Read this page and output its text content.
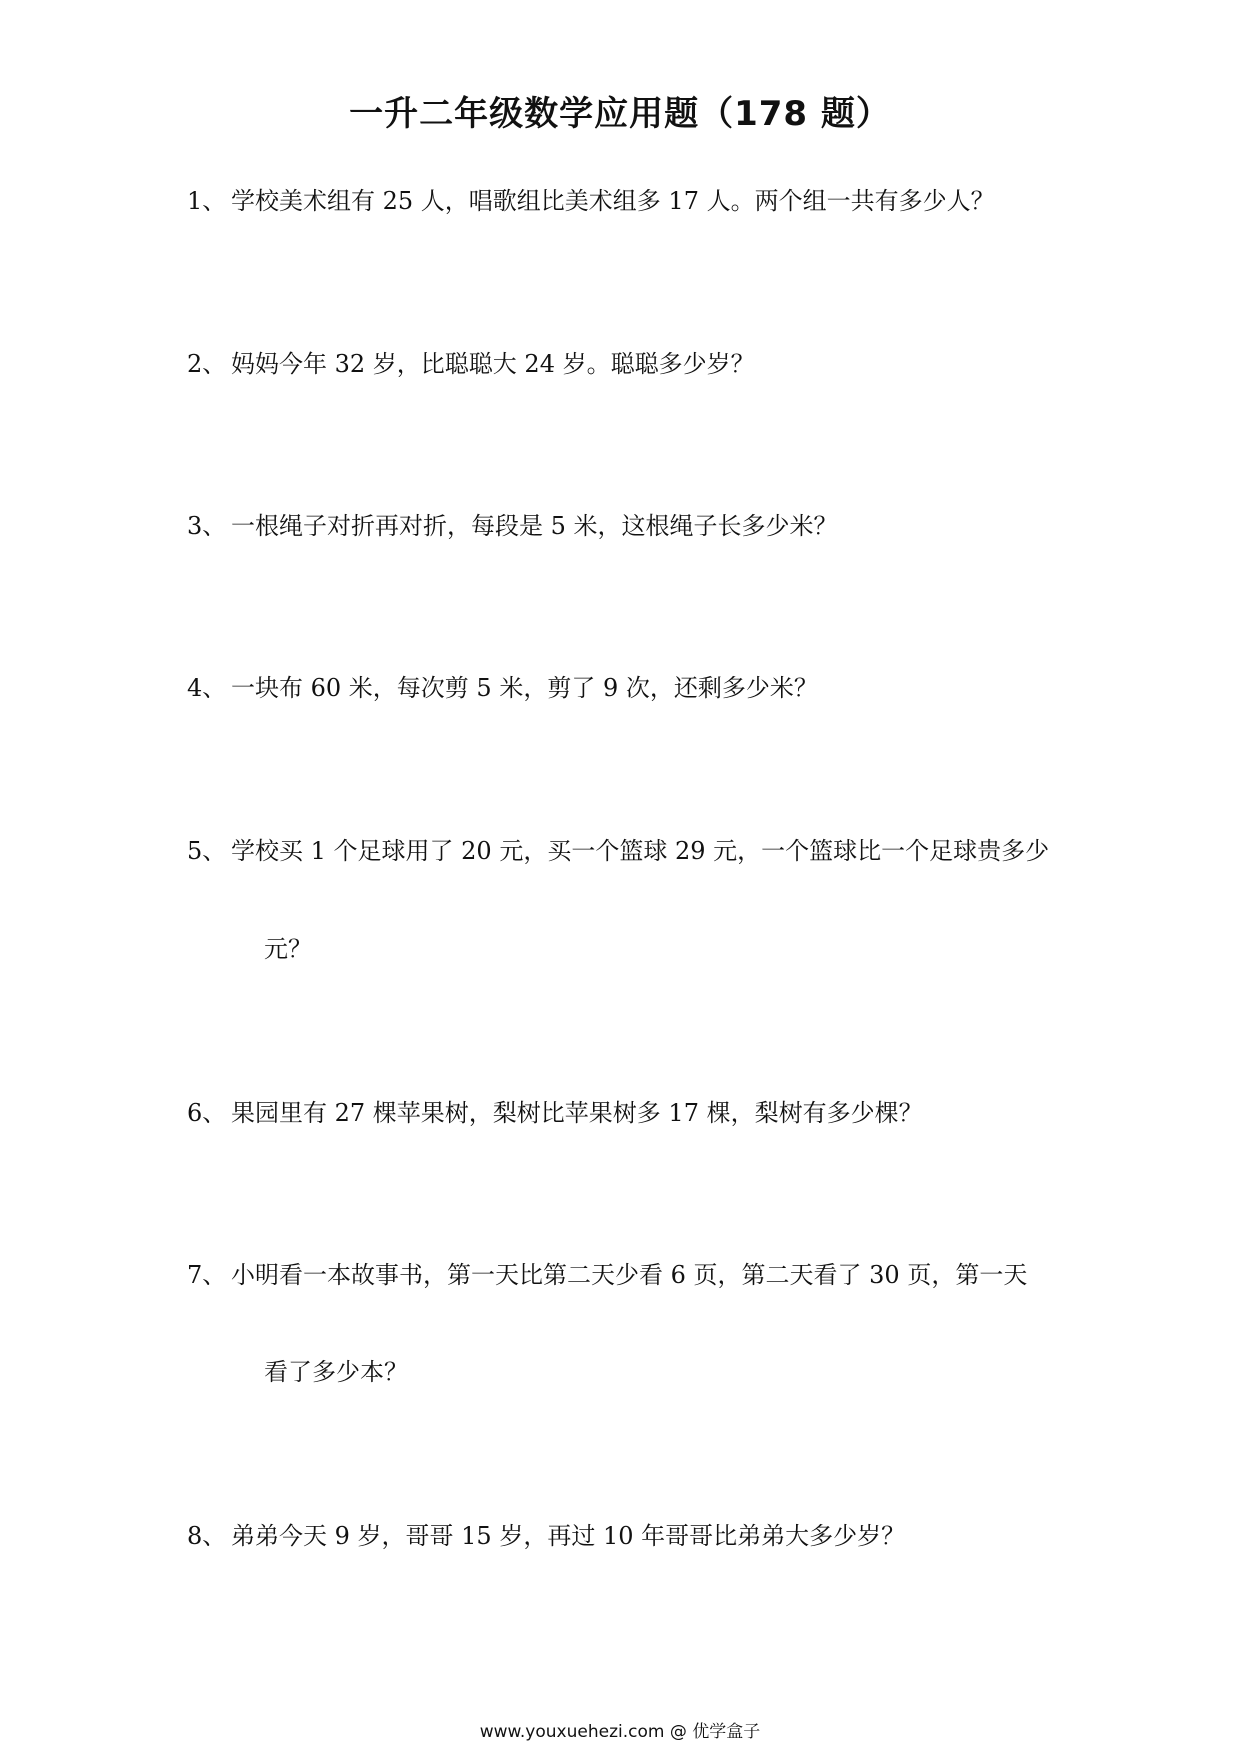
一升二年级数学应用题（178 题）
1、 学校美术组有 25 人，唱歌组比美术组多 17 人。两个组一共有多少人？
2、 妈妈今年 32 岁，比聪聪大 24 岁。聪聪多少岁？
3、 一根绳子对折再对折，每段是 5 米，这根绳子长多少米？
4、 一块布 60 米，每次剪 5 米，剪了 9 次，还剩多少米？
5、 学校买 1 个足球用了 20 元，买一个篮球 29 元，一个篮球比一个足球贵多少
元？
6、 果园里有 27 棵苹果树，梨树比苹果树多 17 棵，梨树有多少棵？
7、 小明看一本故事书，第一天比第二天少看 6 页，第二天看了 30 页，第一天
看了多少本？
8、 弟弟今天 9 岁，哥哥 15 岁，再过 10 年哥哥比弟弟大多少岁？
www.youxuehezi.com @ 优学盒子
